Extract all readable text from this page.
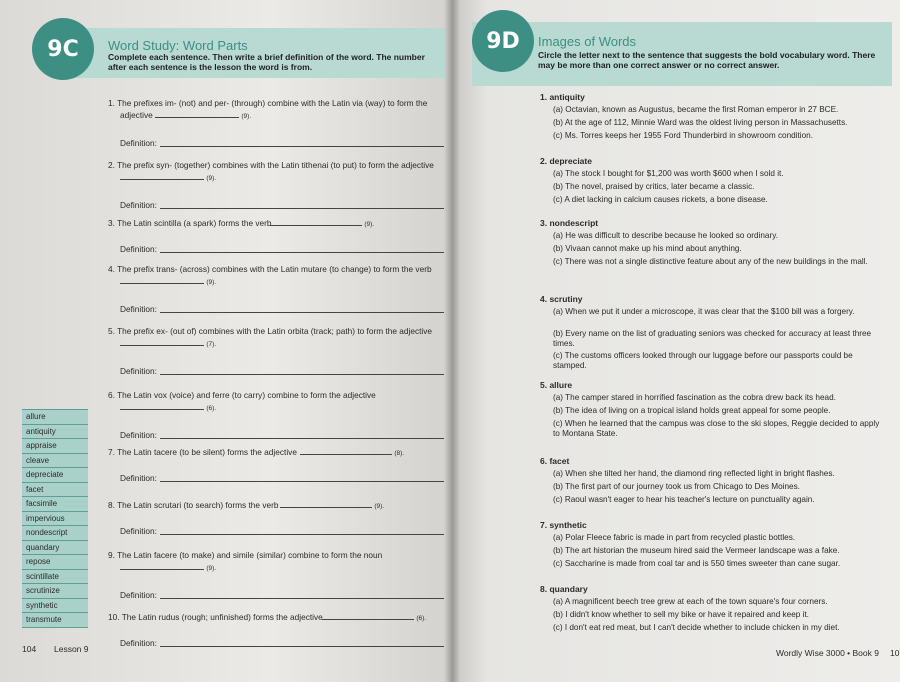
9C Word Study: Word Parts
Complete each sentence. Then write a brief definition of the word. The number after each sentence is the lesson the word is from.
1. The prefixes im- (not) and per- (through) combine with the Latin via (way) to form the
adjective	(9).
Definition:
2. The prefix syn- (together) combines with the Latin tithenai (to put) to form the adjective
(9).
Definition:
3. The Latin scintilla (a spark) forms the verb	(9).
Definition:
4. The prefix trans- (across) combines with the Latin mutare (to change) to form the verb
(9).
Definition:
5. The prefix ex- (out of) combines with the Latin orbita (track; path) to form the adjective
(7).
Definition:
6. The Latin vox (voice) and ferre (to carry) combine to form the adjective
(6).
Definition:
7. The Latin tacere (to be silent) forms the adjective	(8).
Definition:
8. The Latin scrutari (to search) forms the verb	(9).
Definition:
9. The Latin facere (to make) and simile (similar) combine to form the noun
(9).
Definition:
10. The Latin rudus (rough; unfinished) forms the adjective	(6).
Definition:
allure
antiquity
appraise
cleave
depreciate
facet
facsimile
impervious
nondescript
quandary
repose
scintillate
scrutinize
synthetic
transmute
104 Lesson 9
9D Images of Words
Circle the letter next to the sentence that suggests the bold vocabulary word. There may be more than one correct answer or no correct answer.
1. antiquity
(a) Octavian, known as Augustus, became the first Roman emperor in 27 BCE.
(b) At the age of 112, Minnie Ward was the oldest living person in Massachusetts.
(c) Ms. Torres keeps her 1955 Ford Thunderbird in showroom condition.
2. depreciate
(a) The stock I bought for $1,200 was worth $600 when I sold it.
(b) The novel, praised by critics, later became a classic.
(c) A diet lacking in calcium causes rickets, a bone disease.
3. nondescript
(a) He was difficult to describe because he looked so ordinary.
(b) Vivaan cannot make up his mind about anything.
(c) There was not a single distinctive feature about any of the new buildings in the mall.
4. scrutiny
(a) When we put it under a microscope, it was clear that the $100 bill was a forgery.
(b) Every name on the list of graduating seniors was checked for accuracy at least three times.
(c) The customs officers looked through our luggage before our passports could be stamped.
5. allure
(a) The camper stared in horrified fascination as the cobra drew back its head.
(b) The idea of living on a tropical island holds great appeal for some people.
(c) When he learned that the campus was close to the ski slopes, Reggie decided to apply to Montana State.
6. facet
(a) When she tilted her hand, the diamond ring reflected light in bright flashes.
(b) The first part of our journey took us from Chicago to Des Moines.
(c) Raoul wasn't eager to hear his teacher's lecture on punctuality again.
7. synthetic
(a) Polar Fleece fabric is made in part from recycled plastic bottles.
(b) The art historian the museum hired said the Vermeer landscape was a fake.
(c) Saccharine is made from coal tar and is 550 times sweeter than cane sugar.
8. quandary
(a) A magnificent beech tree grew at each of the town square's four corners.
(b) I didn't know whether to sell my bike or have it repaired and keep it.
(c) I don't eat red meat, but I can't decide whether to include chicken in my diet.
Wordly Wise 3000 • Book 9 10
